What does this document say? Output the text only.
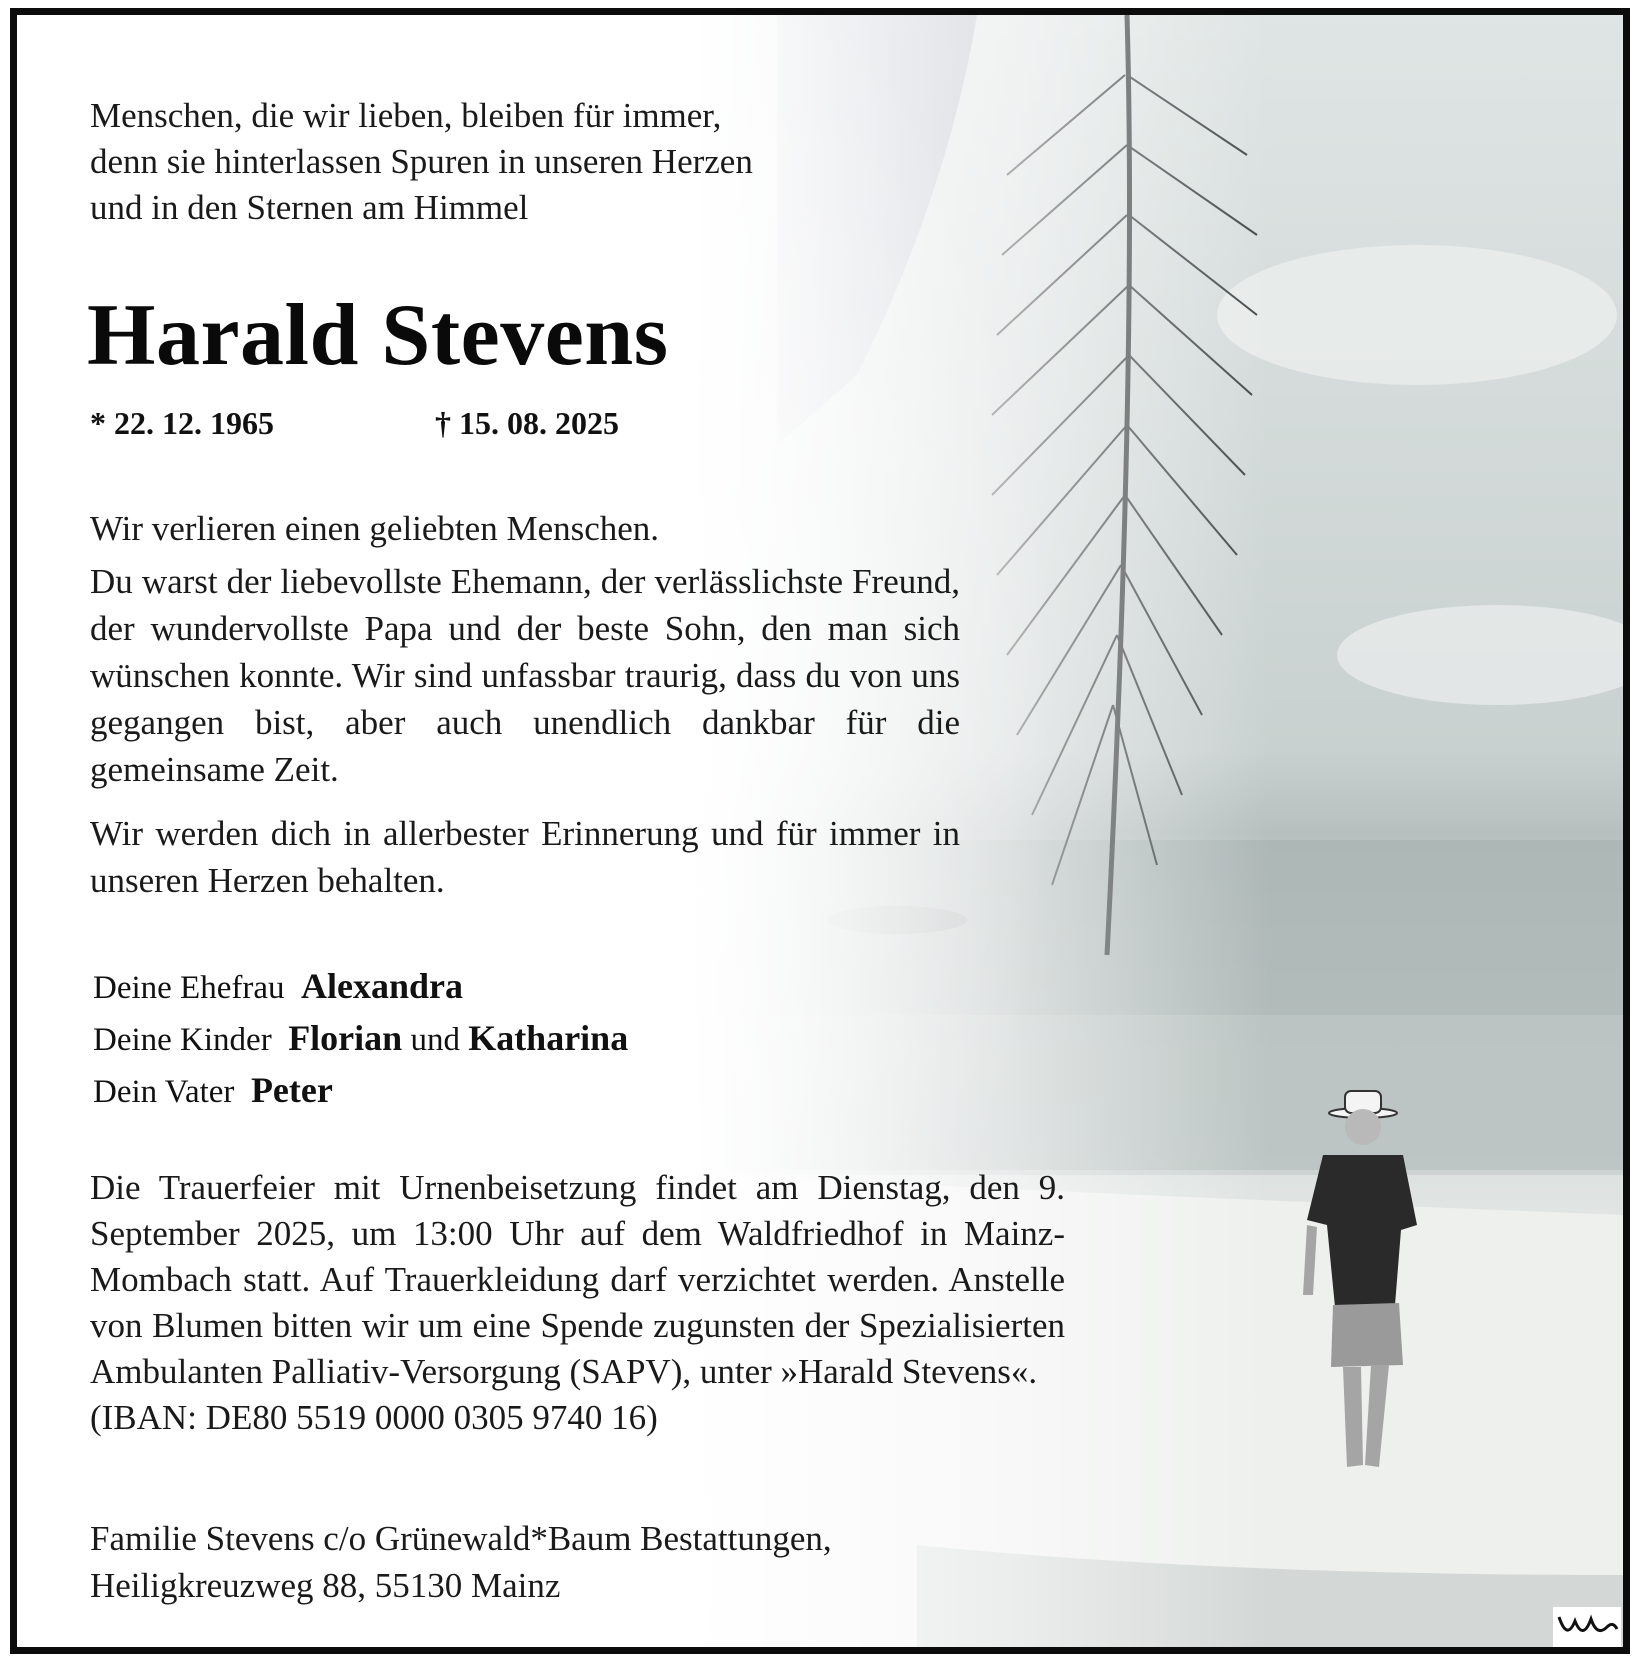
Menschen, die wir lieben, bleiben für immer,
denn sie hinterlassen Spuren in unseren Herzen
und in den Sternen am Himmel
Harald Stevens
* 22. 12. 1965	† 15. 08. 2025
Wir verlieren einen geliebten Menschen.
Du warst der liebevollste Ehemann, der verlässlichste Freund, der wundervollste Papa und der beste Sohn, den man sich wünschen konnte. Wir sind unfassbar traurig, dass du von uns gegangen bist, aber auch unendlich dankbar für die gemeinsame Zeit.
Wir werden dich in allerbester Erinnerung und für immer in unseren Herzen behalten.
Deine Ehefrau Alexandra
Deine Kinder Florian und Katharina
Dein Vater Peter
Die Trauerfeier mit Urnenbeisetzung findet am Dienstag, den 9. September 2025, um 13:00 Uhr auf dem Waldfriedhof in Mainz-Mombach statt. Auf Trauerkleidung darf verzichtet werden. Anstelle von Blumen bitten wir um eine Spende zugunsten der Spezialisierten Ambulanten Palliativ-Versorgung (SAPV), unter »Harald Stevens«.
(IBAN: DE80 5519 0000 0305 9740 16)
Familie Stevens c/o Grünewald*Baum Bestattungen,
Heiligkreuzweg 88, 55130 Mainz
